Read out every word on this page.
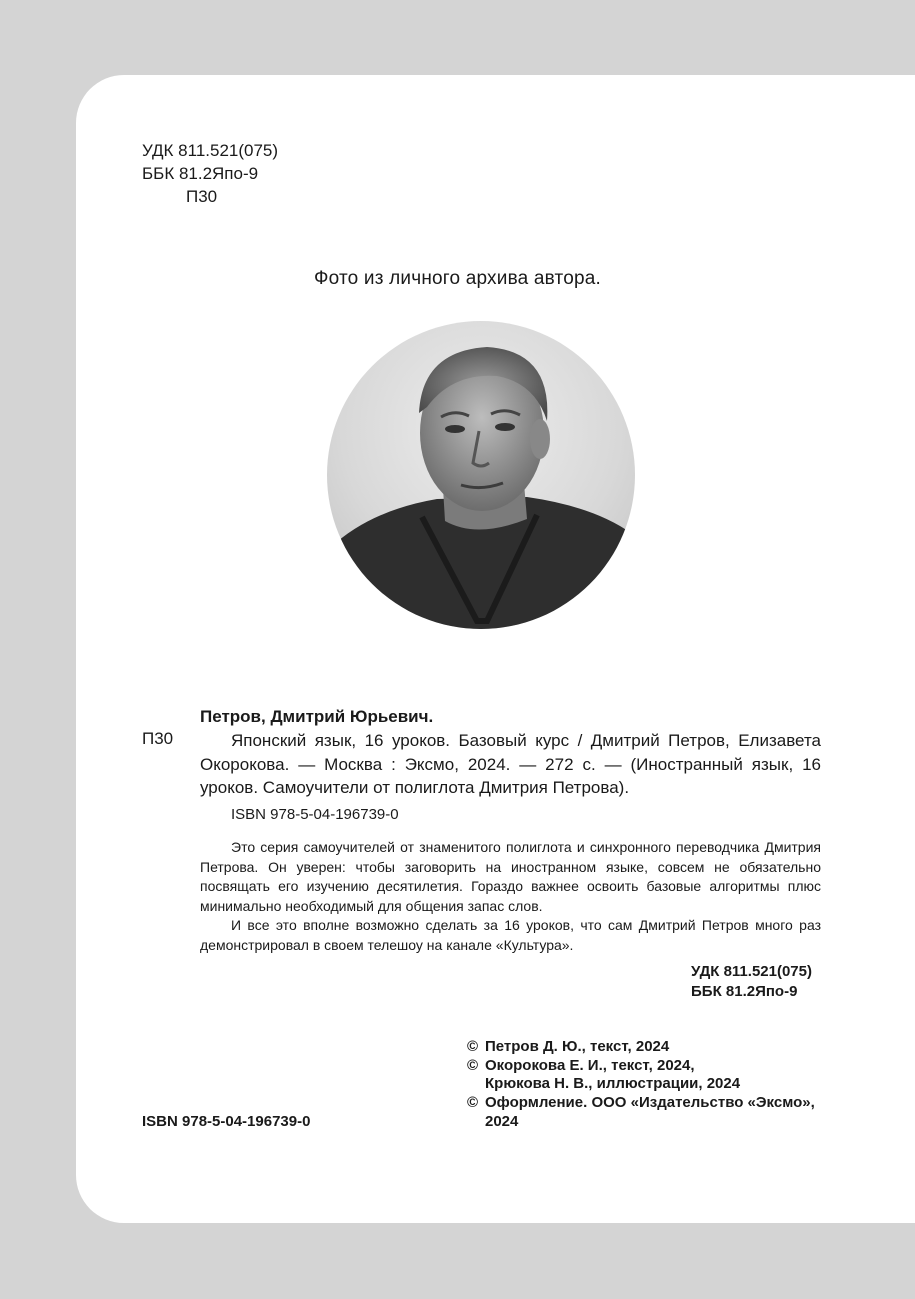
УДК 811.521(075)
ББК 81.2Япо-9
П30
Фото из личного архива автора.
Петров, Дмитрий Юрьевич.
П30	Японский язык, 16 уроков. Базовый курс / Дмитрий Петров, Елизавета Окорокова. — Москва : Эксмо, 2024. — 272 с. — (Иностранный язык, 16 уроков. Самоучители от полиглота Дмитрия Петрова).
ISBN 978-5-04-196739-0

Это серия самоучителей от знаменитого полиглота и синхронного переводчика Дмитрия Петрова. Он уверен: чтобы заговорить на иностранном языке, совсем не обязательно посвящать его изучению десятилетия. Гораздо важнее освоить базовые алгоритмы плюс минимально необходимый для общения запас слов.

И все это вполне возможно сделать за 16 уроков, что сам Дмитрий Петров много раз демонстрировал в своем телешоу на канале «Культура».

УДК 811.521(075)
ББК 81.2Япо-9
© Петров Д. Ю., текст, 2024
© Окорокова Е. И., текст, 2024,
Крюкова Н. В., иллюстрации, 2024
© Оформление. ООО «Издательство «Эксмо»,
2024
ISBN 978-5-04-196739-0
